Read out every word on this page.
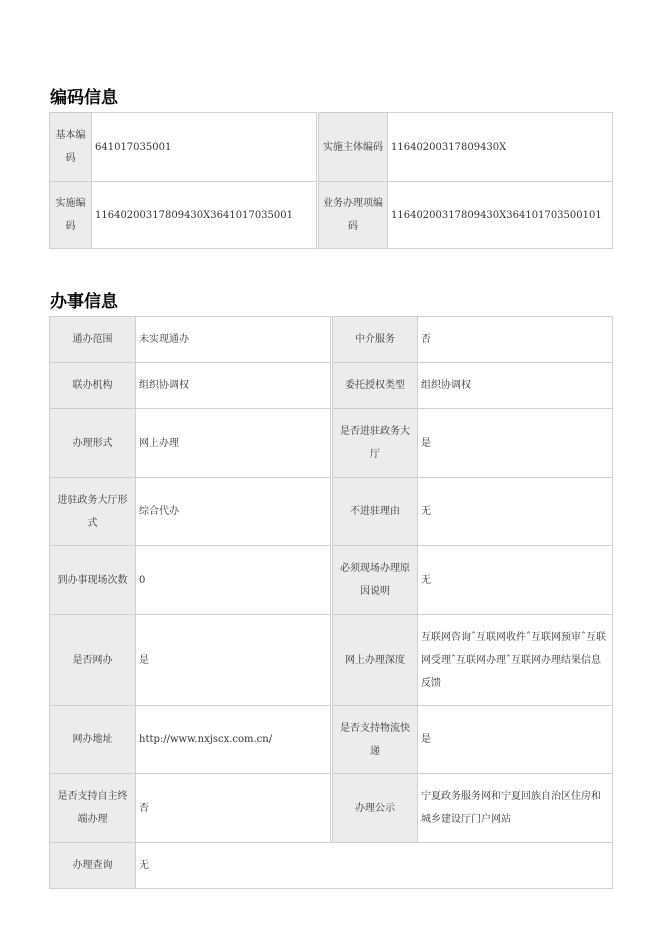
编码信息
基本编码	641017035001		实施主体编码	11640200317809430X
实施编码	11640200317809430X3641017035001		业务办理项编码	11640200317809430X364101703500101
办事信息
通办范围	未实现通办		中介服务	否
联办机构	组织协调权		委托授权类型	组织协调权
办理形式	网上办理		是否进驻政务大厅	是
进驻政务大厅形式	综合代办		不进驻理由	无
到办事现场次数	0		必须现场办理原因说明	无
是否网办	是		网上办理深度	互联网咨询ˆ互联网收件ˆ互联网预审ˆ互联网受理ˆ互联网办理ˆ互联网办理结果信息反馈
网办地址	http://www.nxjscx.com.cn/		是否支持物流快递	是
是否支持自主终端办理	否		办理公示	宁夏政务服务网和宁夏回族自治区住房和城乡建设厅门户网站
办理查询	无			
